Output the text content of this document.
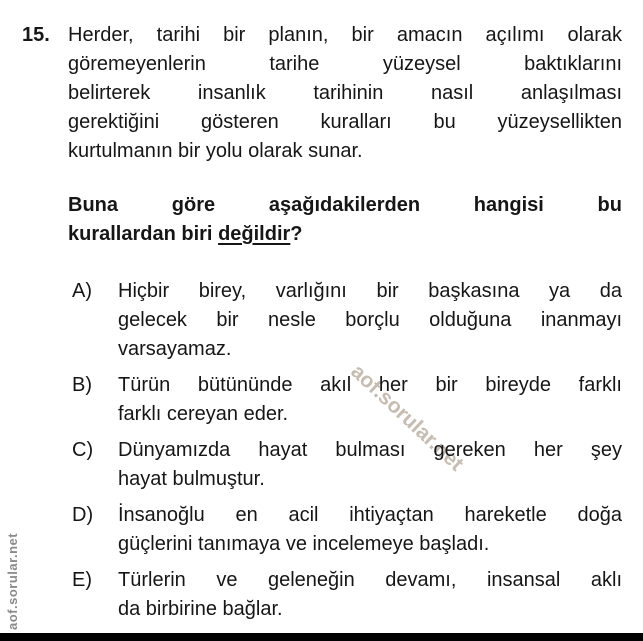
aof.sorular.net
aof.sorular.net
15. Herder, tarihi bir planın, bir amacın açılımı olarak
göremeyenlerin tarihe yüzeysel baktıklarını
belirterek insanlık tarihinin nasıl anlaşılması
gerektiğini gösteren kuralları bu yüzeysellikten
kurtulmanın bir yolu olarak sunar.
Buna göre aşağıdakilerden hangisi bu
kurallardan biri değildir?
A)	Hiçbir birey, varlığını bir başkasına ya da
gelecek bir nesle borçlu olduğuna inanmayı
varsayamaz.
B)	Türün bütününde akıl her bir bireyde farklı
farklı cereyan eder.
C)	Dünyamızda hayat bulması gereken her şey
hayat bulmuştur.
D)	İnsanoğlu en acil ihtiyaçtan hareketle doğa
güçlerini tanımaya ve incelemeye başladı.
E)	Türlerin ve geleneğin devamı, insansal aklı
da birbirine bağlar.
